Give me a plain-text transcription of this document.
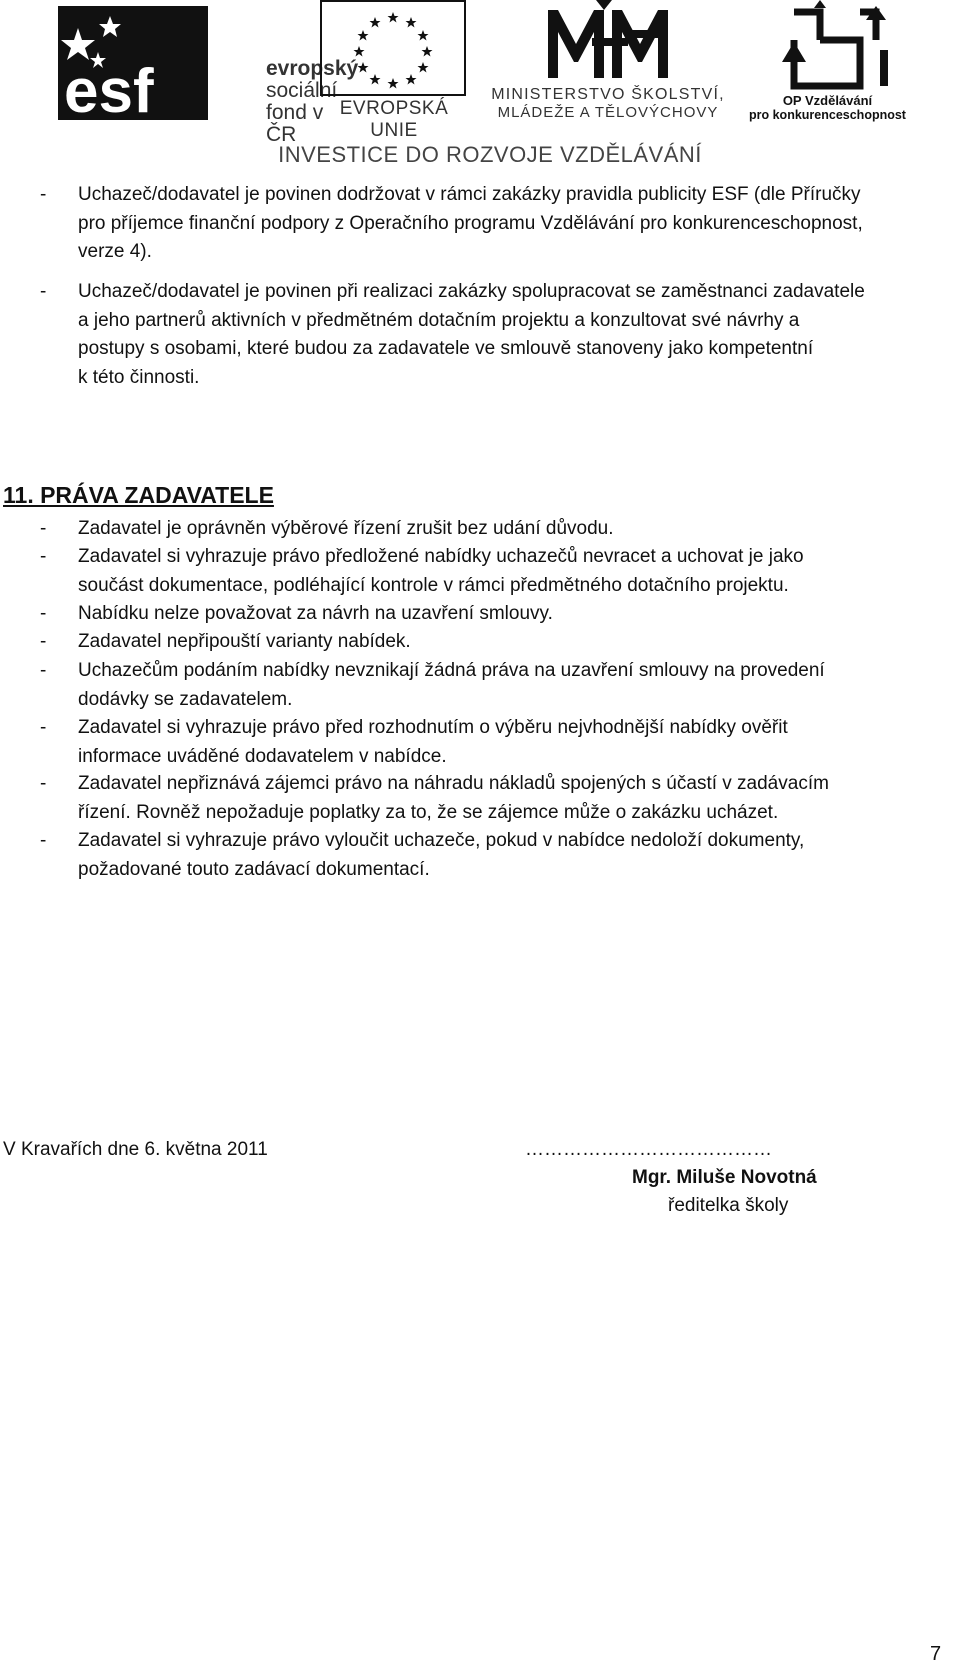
esf	evropský
sociální
fond v ČR
EVROPSKÁ UNIE
MINISTERSTVO ŠKOLSTVÍ,
MLÁDEŽE A TĚLOVÝCHOVY
2007-13
OP Vzdělávání
pro konkurenceschopnost
INVESTICE DO ROZVOJE VZDĚLÁVÁNÍ
- Uchazeč/dodavatel je povinen dodržovat v rámci zakázky pravidla publicity ESF (dle Příručky
pro příjemce finanční podpory z Operačního programu Vzdělávání pro konkurenceschopnost,
verze 4).
- Uchazeč/dodavatel je povinen při realizaci zakázky spolupracovat se zaměstnanci zadavatele
a jeho partnerů aktivních v předmětném dotačním projektu a konzultovat své návrhy a
postupy s osobami, které budou za zadavatele ve smlouvě stanoveny jako kompetentní
k této činnosti.
11. PRÁVA ZADAVATELE
- Zadavatel je oprávněn výběrové řízení zrušit bez udání důvodu.
- Zadavatel si vyhrazuje právo předložené nabídky uchazečů nevracet a uchovat je jako
součást dokumentace, podléhající kontrole v rámci předmětného dotačního projektu.
- Nabídku nelze považovat za návrh na uzavření smlouvy.
- Zadavatel nepřipouští varianty nabídek.
- Uchazečům podáním nabídky nevznikají žádná práva na uzavření smlouvy na provedení
dodávky se zadavatelem.
- Zadavatel si vyhrazuje právo před rozhodnutím o výběru nejvhodnější nabídky ověřit
informace uváděné dodavatelem v nabídce.
- Zadavatel nepřiznává zájemci právo na náhradu nákladů spojených s účastí v zadávacím
řízení. Rovněž nepožaduje poplatky za to, že se zájemce může o zakázku ucházet.
- Zadavatel si vyhrazuje právo vyloučit uchazeče, pokud v nabídce nedoloží dokumenty,
požadované touto zadávací dokumentací.
V Kravařích dne 6. května 2011	…………………………………
Mgr. Miluše Novotná
ředitelka školy
7
